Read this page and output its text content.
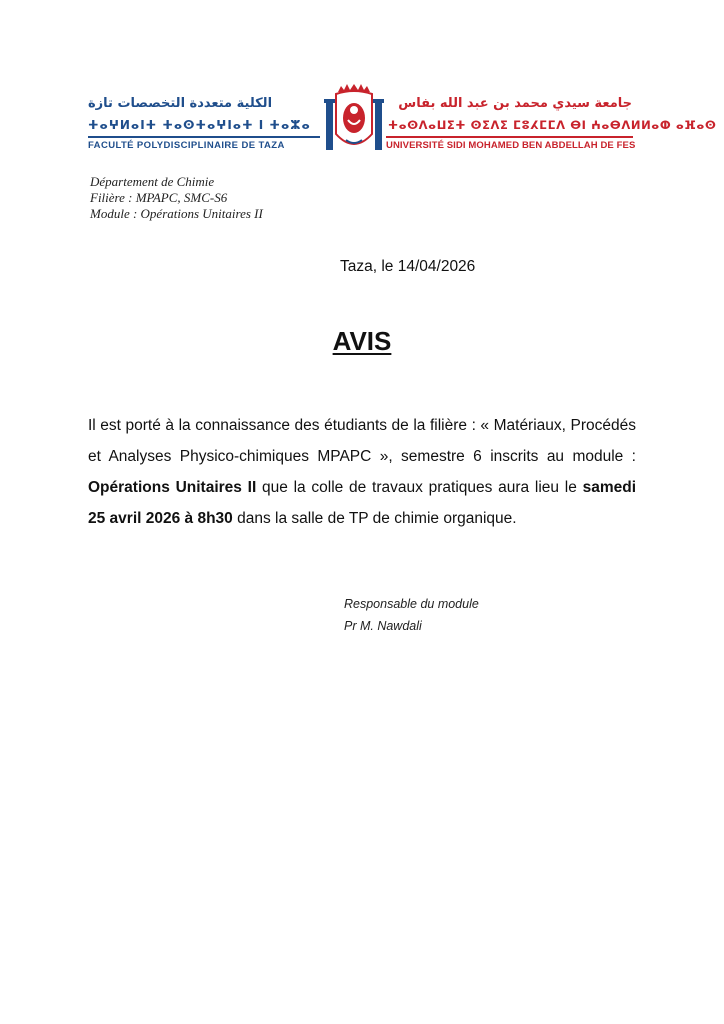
الكلية متعددة التخصصات تازة
ⵜⴰⵖⵍⴰⵏⵜ ⵜⴰⵙⵜⴰⵖⵏⴰⵜ ⵏ ⵜⴰⵣⴰ
FACULTÉ POLYDISCIPLINAIRE DE TAZA
جامعة سيدي محمد بن عبد الله بفاس
ⵜⴰⵙⴷⴰⵡⵉⵜ ⵙⵉⴷⵉ ⵎⵓⵃⵎⵎⴷ ⴱⵏ ⵄⴰⴱⴷⵍⵍⴰⵀ ⴰⴼⴰⵙ
UNIVERSITÉ SIDI MOHAMED BEN ABDELLAH DE FES
Département de Chimie
Filière : MPAPC, SMC-S6
Module : Opérations Unitaires II
Taza, le 14/04/2026
AVIS
Il est porté à la connaissance des étudiants de la filière : « Matériaux, Procédés et Analyses Physico-chimiques MPAPC », semestre 6 inscrits au module : Opérations Unitaires II que la colle de travaux pratiques aura lieu le samedi 25 avril 2026 à 8h30 dans la salle de TP de chimie organique.
Responsable du module
Pr M. Nawdali
